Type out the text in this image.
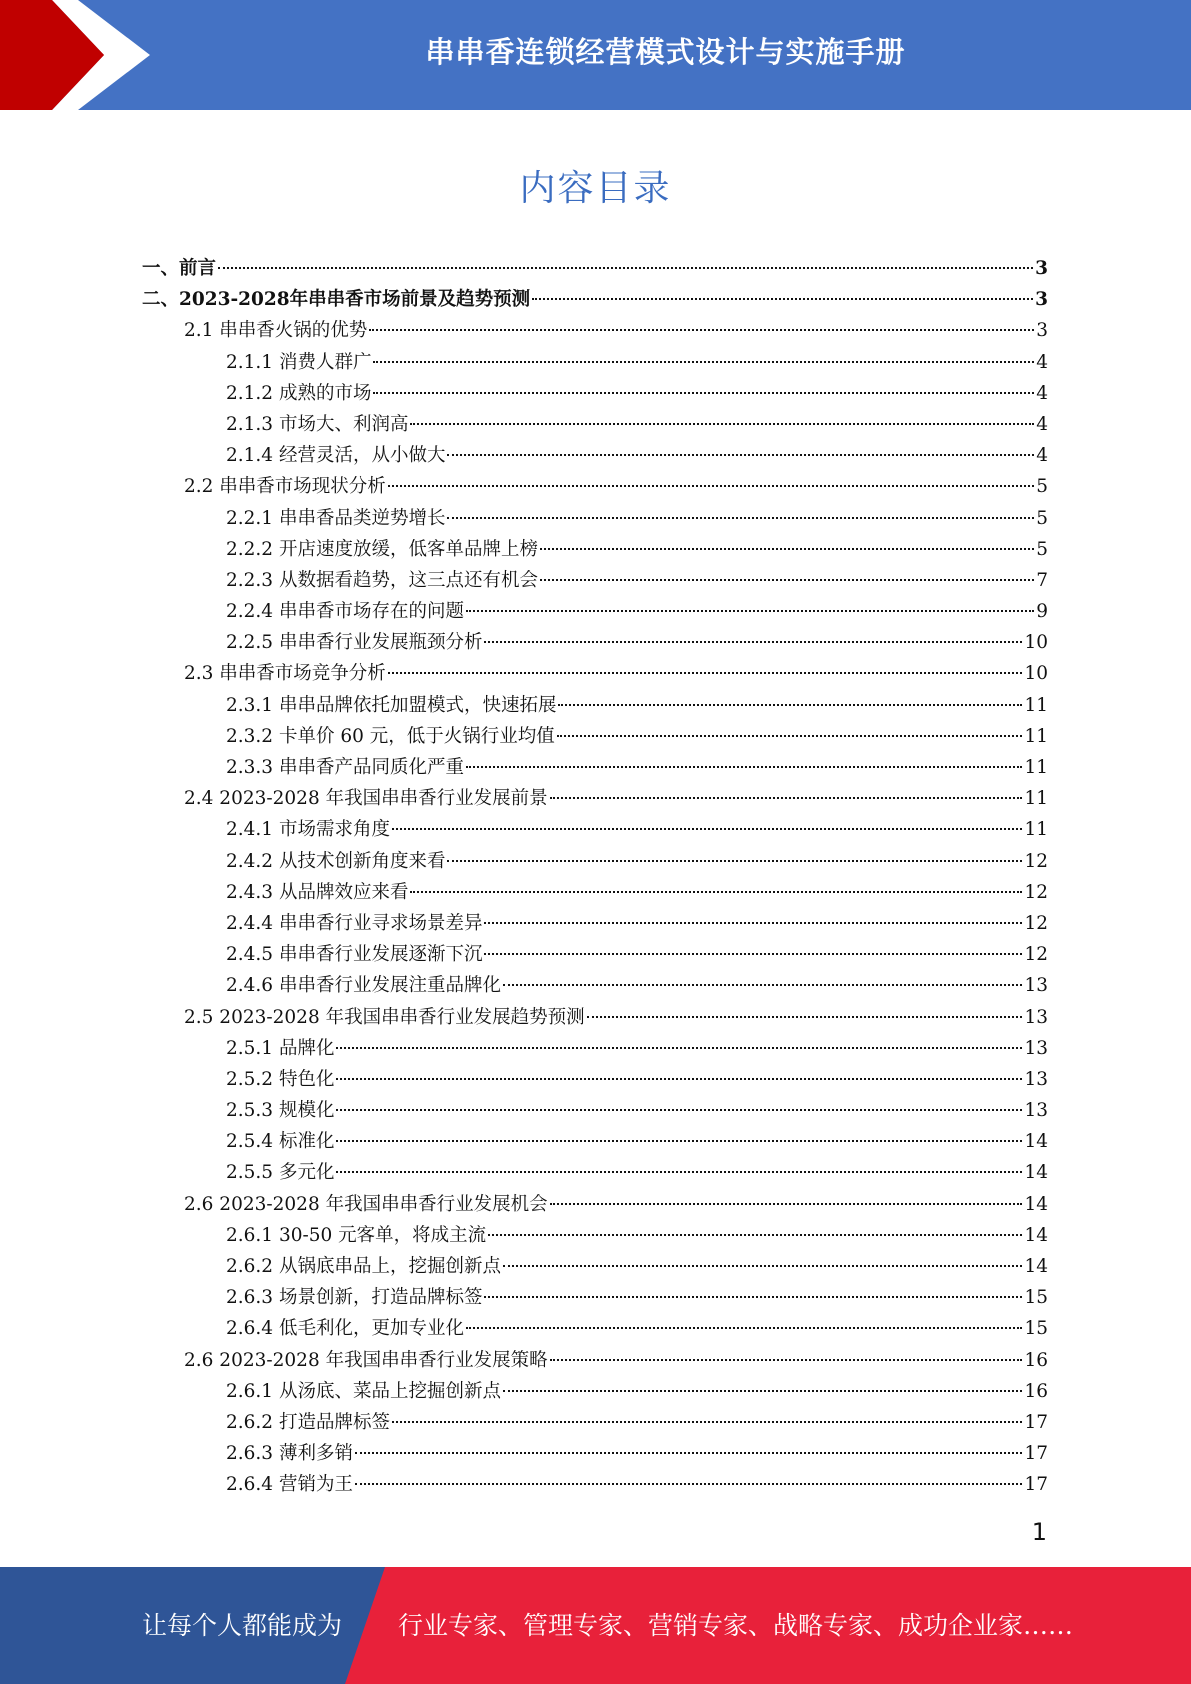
串串香连锁经营模式设计与实施手册
内容目录
一、前言	3
二、2023-2028年串串香市场前景及趋势预测	3
2.1 串串香火锅的优势	3
2.1.1 消费人群广	4
2.1.2 成熟的市场	4
2.1.3 市场大、利润高	4
2.1.4 经营灵活，从小做大	4
2.2 串串香市场现状分析	5
2.2.1 串串香品类逆势增长	5
2.2.2 开店速度放缓，低客单品牌上榜	5
2.2.3 从数据看趋势，这三点还有机会	7
2.2.4 串串香市场存在的问题	9
2.2.5 串串香行业发展瓶颈分析	10
2.3 串串香市场竞争分析	10
2.3.1 串串品牌依托加盟模式，快速拓展	11
2.3.2 卡单价 60 元，低于火锅行业均值	11
2.3.3 串串香产品同质化严重	11
2.4 2023-2028 年我国串串香行业发展前景	11
2.4.1 市场需求角度	11
2.4.2 从技术创新角度来看	12
2.4.3 从品牌效应来看	12
2.4.4 串串香行业寻求场景差异	12
2.4.5 串串香行业发展逐渐下沉	12
2.4.6 串串香行业发展注重品牌化	13
2.5 2023-2028 年我国串串香行业发展趋势预测	13
2.5.1 品牌化	13
2.5.2 特色化	13
2.5.3 规模化	13
2.5.4 标准化	14
2.5.5 多元化	14
2.6 2023-2028 年我国串串香行业发展机会	14
2.6.1 30-50 元客单，将成主流	14
2.6.2 从锅底串品上，挖掘创新点	14
2.6.3 场景创新，打造品牌标签	15
2.6.4 低毛利化，更加专业化	15
2.6 2023-2028 年我国串串香行业发展策略	16
2.6.1 从汤底、菜品上挖掘创新点	16
2.6.2 打造品牌标签	17
2.6.3 薄利多销	17
2.6.4 营销为王	17
1
让每个人都能成为 行业专家、管理专家、营销专家、战略专家、成功企业家……
